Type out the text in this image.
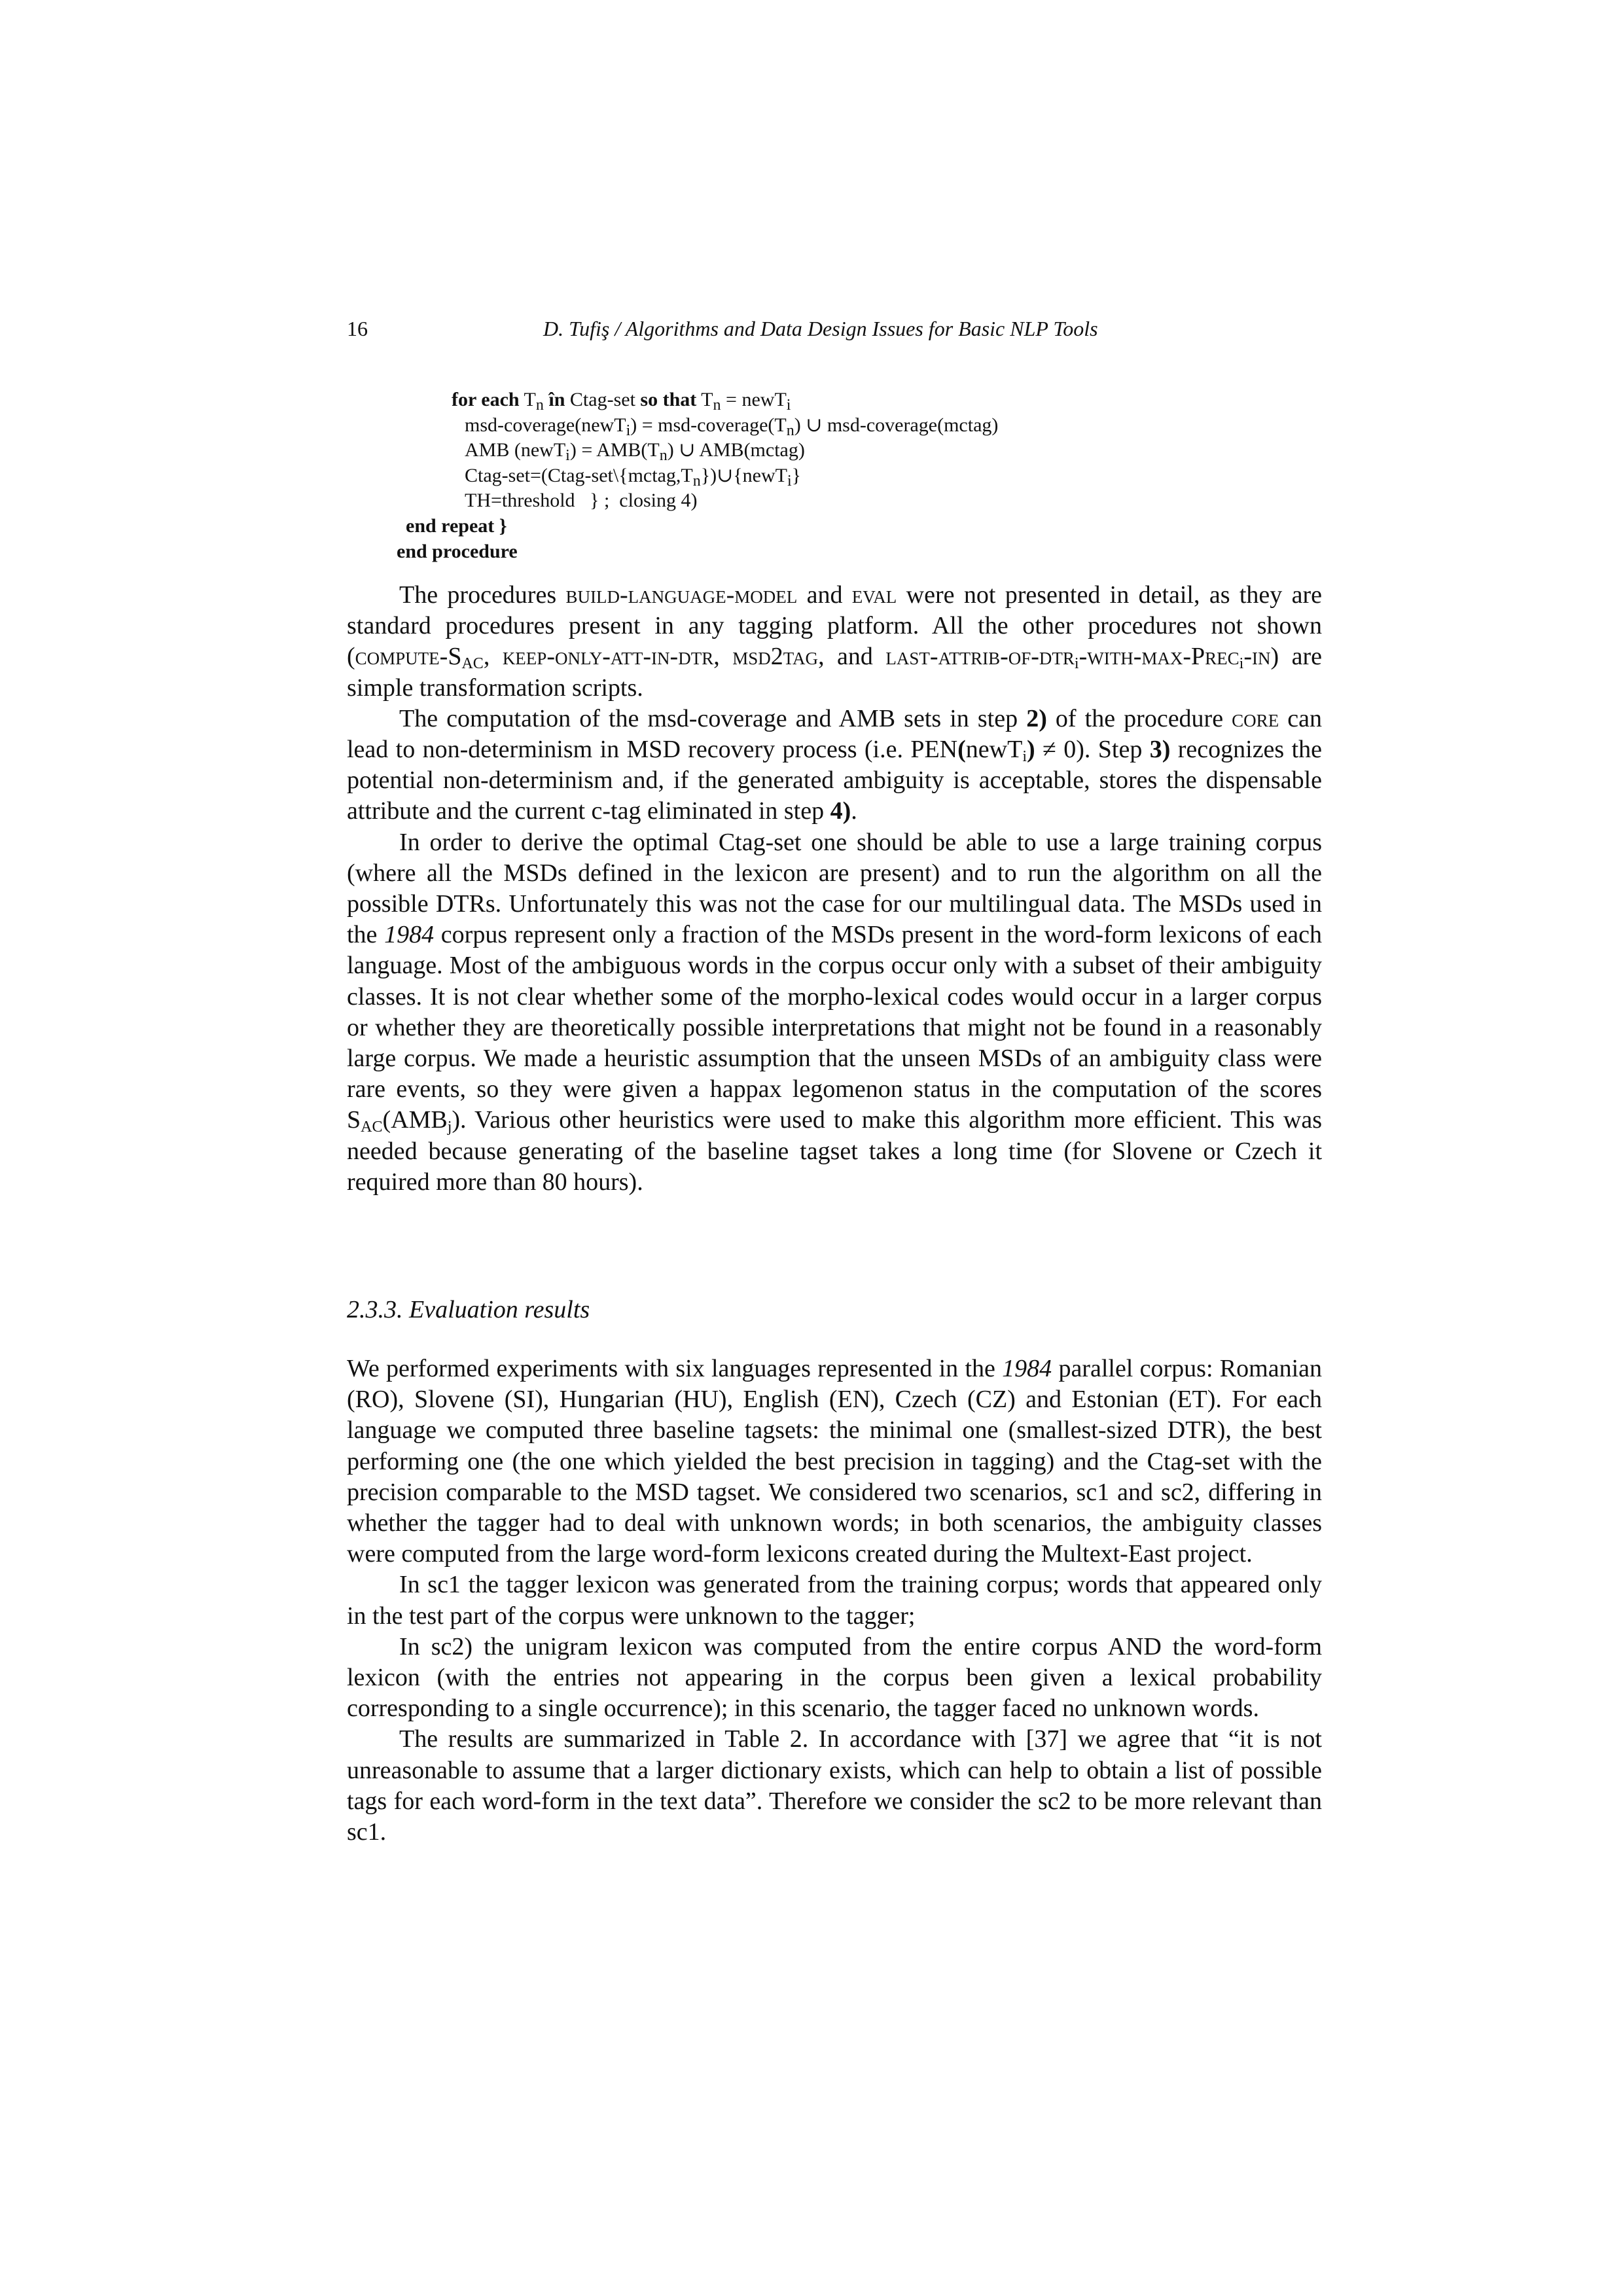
16	D. Tufiş / Algorithms and Data Design Issues for Basic NLP Tools
for each $T_n$ în Ctag-set so that $T_n$ = newT$_i$
msd-coverage(newT$_i$) = msd-$coverage(T_n)$ ∪ msd-coverage(mctag)
AMB (newT$_i$) = $AMB(T_n)$ ∪ AMB(mctag)
Ctag-$set=(Ctag-set\backslash\{mctag,T_n\})\cup\{newT_i\}$
TH=threshold   } ;  closing 4)
end repeat }
end procedure

The procedures build-language-model and eval were not presented in detail, as they are standard procedures present in any tagging platform. All the other procedures not shown ($compute-S_{AC}$, keep-only-att-in-dtr, msd2tag, and last-attrib-of-dtr$_i$-with-max-Prec$_i$-in) are simple transformation scripts.

The computation of the msd-coverage and AMB sets in step 2) of the procedure core can lead to non-determinism in MSD recovery process (i.e. PEN(newT$_i$) ≠ 0). Step 3) recognizes the potential non-determinism and, if the generated ambiguity is acceptable, stores the dispensable attribute and the current c-tag eliminated in step 4).

In order to derive the optimal Ctag-set one should be able to use a large training corpus (where all the MSDs defined in the lexicon are present) and to run the algorithm on all the possible DTRs. Unfortunately this was not the case for our multilingual data. The MSDs used in the 1984 corpus represent only a fraction of the MSDs present in the word-form lexicons of each language. Most of the ambiguous words in the corpus occur only with a subset of their ambiguity classes. It is not clear whether some of the morpho-lexical codes would occur in a larger corpus or whether they are theoretically possible interpretations that might not be found in a reasonably large corpus. We made a heuristic assumption that the unseen MSDs of an ambiguity class were rare events, so they were given a happax legomenon status in the computation of the scores $S_{AC}(AMB_j)$. Various other heuristics were used to make this algorithm more efficient. This was needed because generating of the baseline tagset takes a long time (for Slovene or Czech it required more than 80 hours).

2.3.3. Evaluation results

We performed experiments with six languages represented in the 1984 parallel corpus: Romanian (RO), Slovene (SI), Hungarian (HU), English (EN), Czech (CZ) and Estonian (ET). For each language we computed three baseline tagsets: the minimal one (smallest-sized DTR), the best performing one (the one which yielded the best precision in tagging) and the Ctag-set with the precision comparable to the MSD tagset. We considered two scenarios, sc1 and sc2, differing in whether the tagger had to deal with unknown words; in both scenarios, the ambiguity classes were computed from the large word-form lexicons created during the Multext-East project.

In sc1 the tagger lexicon was generated from the training corpus; words that appeared only in the test part of the corpus were unknown to the tagger;

In sc2) the unigram lexicon was computed from the entire corpus AND the word-form lexicon (with the entries not appearing in the corpus been given a lexical probability corresponding to a single occurrence); in this scenario, the tagger faced no unknown words.

The results are summarized in Table 2. In accordance with [37] we agree that “it is not unreasonable to assume that a larger dictionary exists, which can help to obtain a list of possible tags for each word-form in the text data”. Therefore we consider the sc2 to be more relevant than sc1.
